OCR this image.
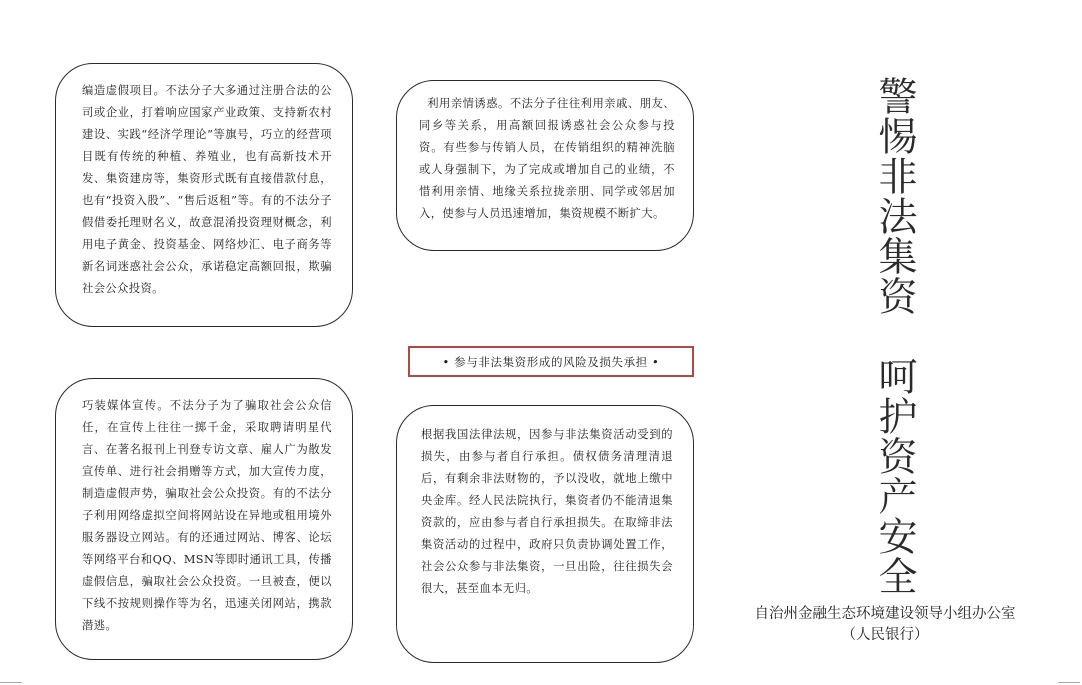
编造虚假项目。不法分子大多通过注册合法的公司或企业，打着响应国家产业政策、支持新农村建设、实践“经济学理论”等旗号，巧立的经营项目既有传统的种植、养殖业，也有高新技术开发、集资建房等，集资形式既有直接借款付息，也有“投资入股”、“售后返租”等。有的不法分子假借委托理财名义，故意混淆投资理财概念，利用电子黄金、投资基金、网络炒汇、电子商务等新名词迷惑社会公众，承诺稳定高额回报，欺骗社会公众投资。
利用亲情诱惑。不法分子往往利用亲戚、朋友、同乡等关系，用高额回报诱惑社会公众参与投资。有些参与传销人员，在传销组织的精神洗脑或人身强制下，为了完成或增加自己的业绩，不惜利用亲情、地缘关系拉拢亲朋、同学或邻居加入，使参与人员迅速增加，集资规模不断扩大。
• 参与非法集资形成的风险及损失承担 •
巧装媒体宣传。不法分子为了骗取社会公众信任，在宣传上往往一掷千金，采取聘请明星代言、在著名报刊上刊登专访文章、雇人广为散发宣传单、进行社会捐赠等方式，加大宣传力度，制造虚假声势，骗取社会公众投资。有的不法分子利用网络虚拟空间将网站设在异地或租用境外服务器设立网站。有的还通过网站、博客、论坛等网络平台和QQ、MSN等即时通讯工具，传播虚假信息，骗取社会公众投资。一旦被查，便以下线不按规则操作等为名，迅速关闭网站，携款潜逃。
根据我国法律法规，因参与非法集资活动受到的损失，由参与者自行承担。债权债务清理清退后，有剩余非法财物的，予以没收，就地上缴中央金库。经人民法院执行，集资者仍不能清退集资款的，应由参与者自行承担损失。在取缔非法集资活动的过程中，政府只负责协调处置工作，社会公众参与非法集资，一旦出险，往往损失会很大，甚至血本无归。	警惕非法集资　呵护资产安全
自治州金融生态环境建设领导小组办公室
（人民银行）
